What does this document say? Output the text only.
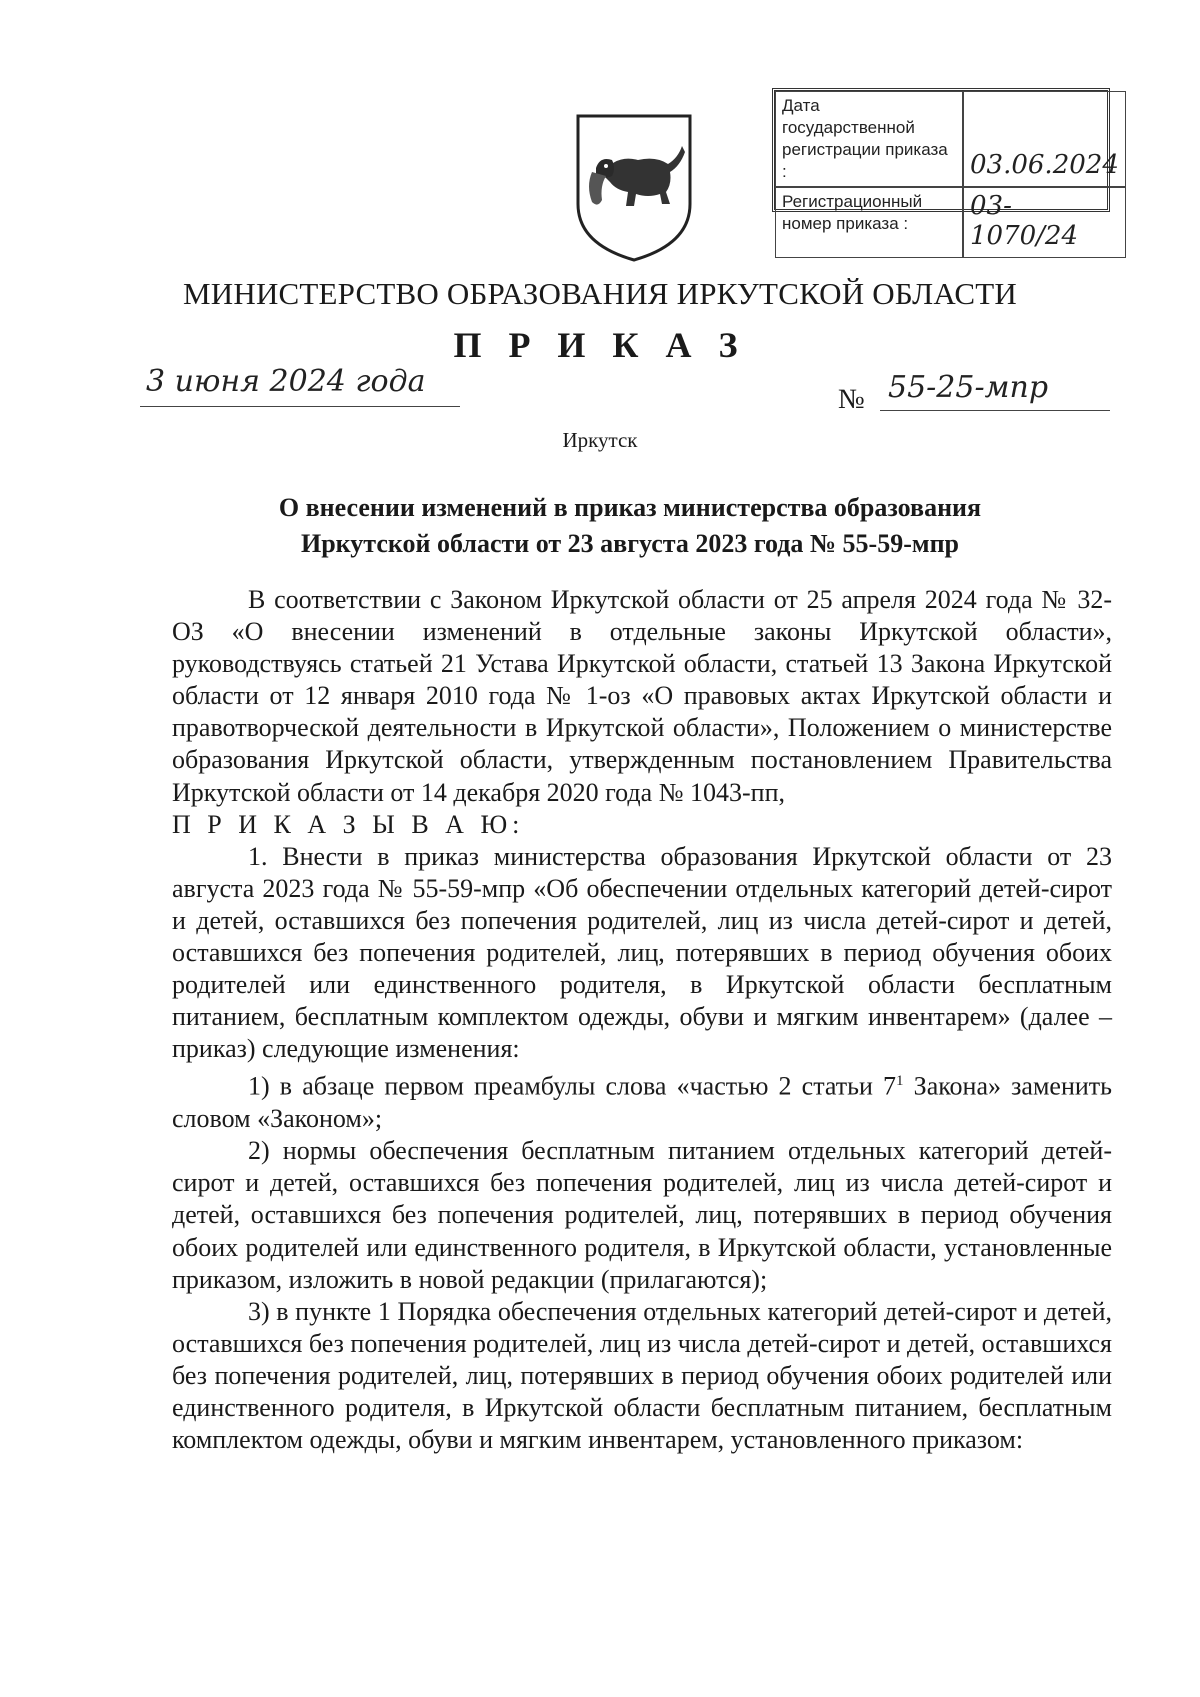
Дата государственной регистрации приказа :	03.06.2024
Регистрационный номер приказа :
03-1070/24
МИНИСТЕРСТВО ОБРАЗОВАНИЯ ИРКУТСКОЙ ОБЛАСТИ
П Р И К А З
3 июня 2024 года
№ 55-25-мпр
Иркутск
О внесении изменений в приказ министерства образования
Иркутской области от 23 августа 2023 года № 55-59-мпр

В соответствии с Законом Иркутской области от 25 апреля 2024 года № 32-ОЗ «О внесении изменений в отдельные законы Иркутской области», руководствуясь статьей 21 Устава Иркутской области, статьей 13 Закона Иркутской области от 12 января 2010 года № 1-оз «О правовых актах Иркутской области и правотворческой деятельности в Иркутской области», Положением о министерстве образования Иркутской области, утвержденным постановлением Правительства Иркутской области от 14 декабря 2020 года № 1043-пп,

П Р И К А З Ы В А Ю:

1. Внести в приказ министерства образования Иркутской области от 23 августа 2023 года № 55-59-мпр «Об обеспечении отдельных категорий детей-сирот и детей, оставшихся без попечения родителей, лиц из числа детей-сирот и детей, оставшихся без попечения родителей, лиц, потерявших в период обучения обоих родителей или единственного родителя, в Иркутской области бесплатным питанием, бесплатным комплектом одежды, обуви и мягким инвентарем» (далее – приказ) следующие изменения:

1) в абзаце первом преамбулы слова «частью 2 статьи $7^1$ Закона» заменить словом «Законом»;

2) нормы обеспечения бесплатным питанием отдельных категорий детей-сирот и детей, оставшихся без попечения родителей, лиц из числа детей-сирот и детей, оставшихся без попечения родителей, лиц, потерявших в период обучения обоих родителей или единственного родителя, в Иркутской области, установленные приказом, изложить в новой редакции (прилагаются);

3) в пункте 1 Порядка обеспечения отдельных категорий детей-сирот и детей, оставшихся без попечения родителей, лиц из числа детей-сирот и детей, оставшихся без попечения родителей, лиц, потерявших в период обучения обоих родителей или единственного родителя, в Иркутской области бесплатным питанием, бесплатным комплектом одежды, обуви и мягким инвентарем, установленного приказом:
